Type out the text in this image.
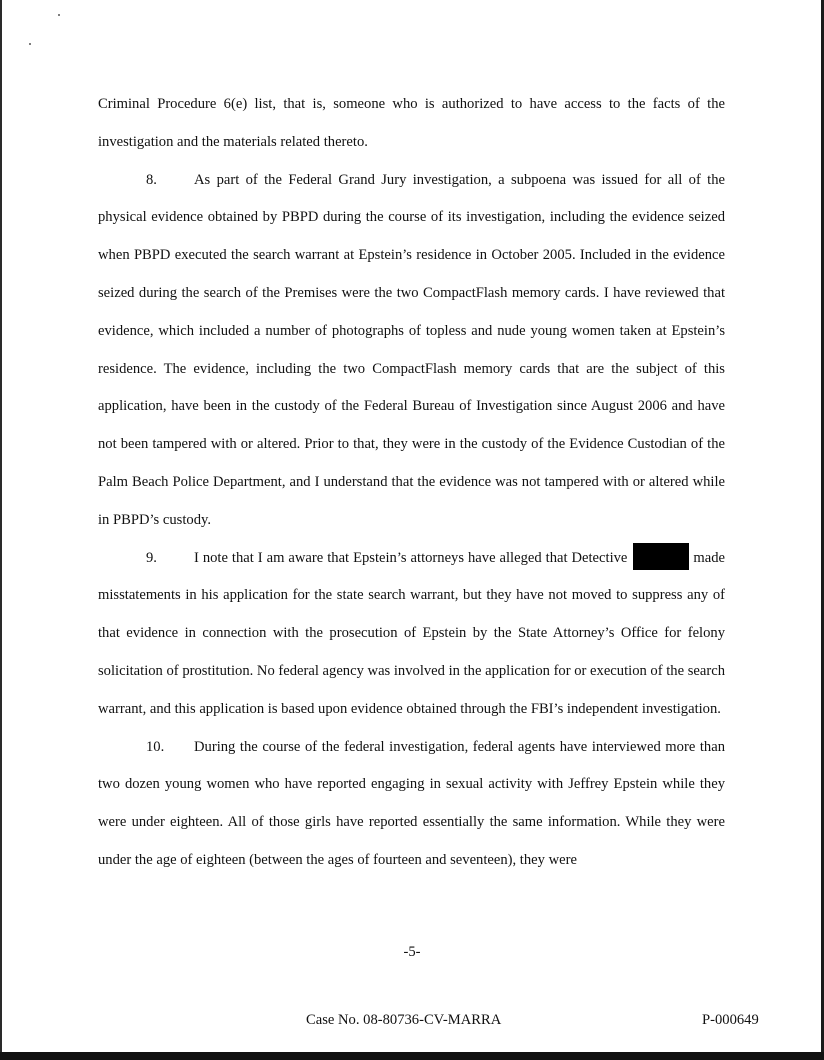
Criminal Procedure 6(e) list, that is, someone who is authorized to have access to the facts of the investigation and the materials related thereto.

8.	As part of the Federal Grand Jury investigation, a subpoena was issued for all of the physical evidence obtained by PBPD during the course of its investigation, including the evidence seized when PBPD executed the search warrant at Epstein’s residence in October 2005. Included in the evidence seized during the search of the Premises were the two CompactFlash memory cards. I have reviewed that evidence, which included a number of photographs of topless and nude young women taken at Epstein’s residence. The evidence, including the two CompactFlash memory cards that are the subject of this application, have been in the custody of the Federal Bureau of Investigation since August 2006 and have not been tampered with or altered. Prior to that, they were in the custody of the Evidence Custodian of the Palm Beach Police Department, and I understand that the evidence was not tampered with or altered while in PBPD’s custody.

9.	I note that I am aware that Epstein’s attorneys have alleged that Detective	made misstatements in his application for the state search warrant, but they have not moved to suppress any of that evidence in connection with the prosecution of Epstein by the State Attorney’s Office for felony solicitation of prostitution. No federal agency was involved in the application for or execution of the search warrant, and this application is based upon evidence obtained through the FBI’s independent investigation.

10. During the course of the federal investigation, federal agents have interviewed more than two dozen young women who have reported engaging in sexual activity with Jeffrey Epstein while they were under eighteen. All of those girls have reported essentially the same information. While they were under the age of eighteen (between the ages of fourteen and seventeen), they were

-5-
Case No. 08-80736-CV-MARRA	P-000649
